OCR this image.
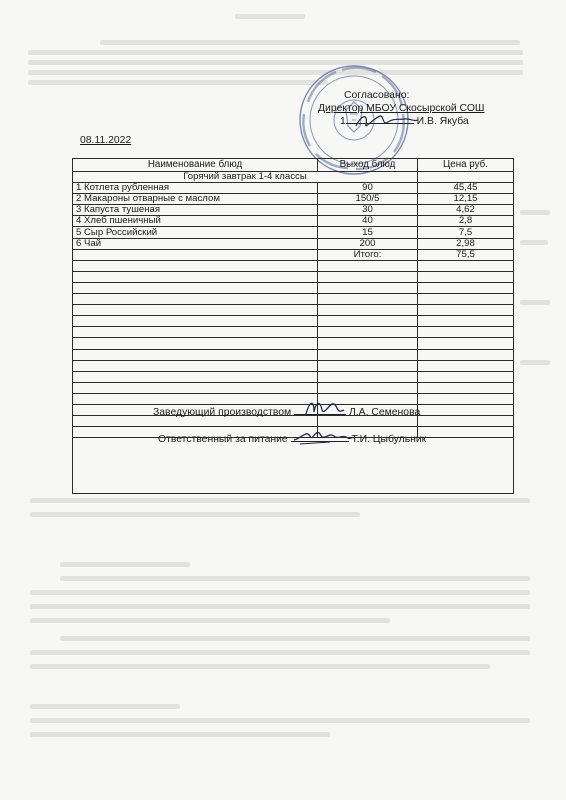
Согласовано:
Директор МБОУ Скосырской СОШ
1	И.В. Якуба
08.11.2022
Наименование блюд	Выход блюд	Цена руб.
Горячий завтрак 1-4 классы		
1 Котлета рубленная	90	45,45
2 Макароны отварные с маслом	150/5	12,15
3 Капуста тушеная	30	4,62
4 Хлеб пшеничный	40	2,8
5 Сыр Российский	15	7,5
6 Чай	200	2,98
	Итого:	75,5

Заведующий производством	Л.А. Семенова
Ответственный за питание	Т.И. Цыбульник
